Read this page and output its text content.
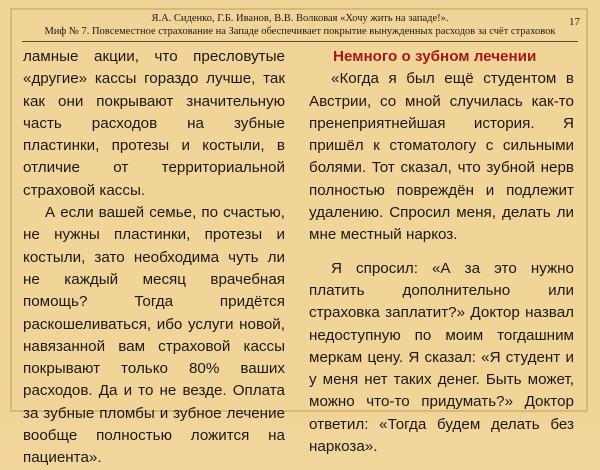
Я.А. Сиденко, Г.Б. Иванов, В.В. Волковая «Хочу жить на западе!».
Миф № 7. Повсеместное страхование на Западе обеспечивает покрытие вынужденных расходов за счёт страховок
17

ламные акции, что пресловутые «другие» кассы гораздо лучше, так как они покрывают значительную часть расходов на зубные пластинки, протезы и костыли, в отличие от территориальной страховой кассы.

А если вашей семье, по счастью, не нужны пластинки, протезы и костыли, зато необходима чуть ли не каждый месяц врачебная помощь? Тогда придётся раскошеливаться, ибо услуги новой, навязанной вам страховой кассы покрывают только 80% ваших расходов. Да и то не везде. Оплата за зубные пломбы и зубное лечение вообще полностью ложится на пациента».

Немного о зубном лечении

«Когда я был ещё студентом в Австрии, со мной случилась как-то пренеприятнейшая история. Я пришёл к стоматологу с сильными болями. Тот сказал, что зубной нерв полностью повреждён и подлежит удалению. Спросил меня, делать ли мне местный наркоз.

Я спросил: «А за это нужно платить дополнительно или страховка заплатит?» Доктор назвал недоступную по моим тогдашним меркам цену. Я сказал: «Я студент и у меня нет таких денег. Быть может, можно что-то придумать?» Доктор ответил: «Тогда будем делать без наркоза».
